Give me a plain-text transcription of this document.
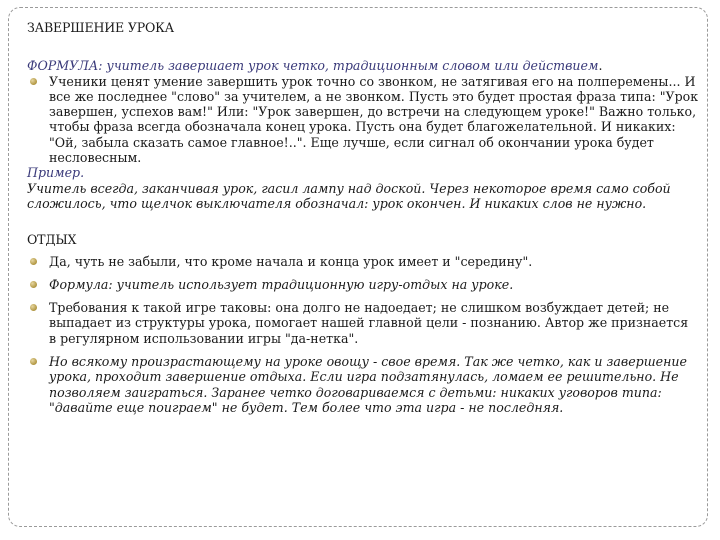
ЗАВЕРШЕНИЕ УРОКА

ФОРМУЛА: учитель завершает урок четко, традиционным словом или действием.

Ученики ценят умение завершить урок точно со звонком, не затягивая его на полперемены... И все же последнее "слово" за учителем, а не звонком. Пусть это будет простая фраза типа: "Урок завершен, успехов вам!" Или: "Урок завершен, до встречи на следующем уроке!" Важно только, чтобы фраза всегда обозначала конец урока. Пусть она будет благожелательной. И никаких: "Ой, забыла сказать самое главное!..". Еще лучше, если сигнал об окончании урока будет несловесным.

Пример.

Учитель всегда, заканчивая урок, гасил лампу над доской. Через некоторое время само собой сложилось, что щелчок выключателя обозначал: урок окончен. И никаких слов не нужно.

ОТДЫХ
Да, чуть не забыли, что кроме начала и конца урок имеет и "середину".
Формула: учитель использует традиционную игру-отдых на уроке.
Требования к такой игре таковы: она долго не надоедает; не слишком возбуждает детей; не выпадает из структуры урока, помогает нашей главной цели - познанию. Автор же признается в регулярном использовании игры "да-нетка".
Но всякому произрастающему на уроке овощу - свое время. Так же четко, как и завершение урока, проходит завершение отдыха. Если игра подзатянулась, ломаем ее решительно. Не позволяем заиграться. Заранее четко договариваемся с детьми: никаких уговоров типа: "давайте еще поиграем" не будет. Тем более что эта игра - не последняя.
